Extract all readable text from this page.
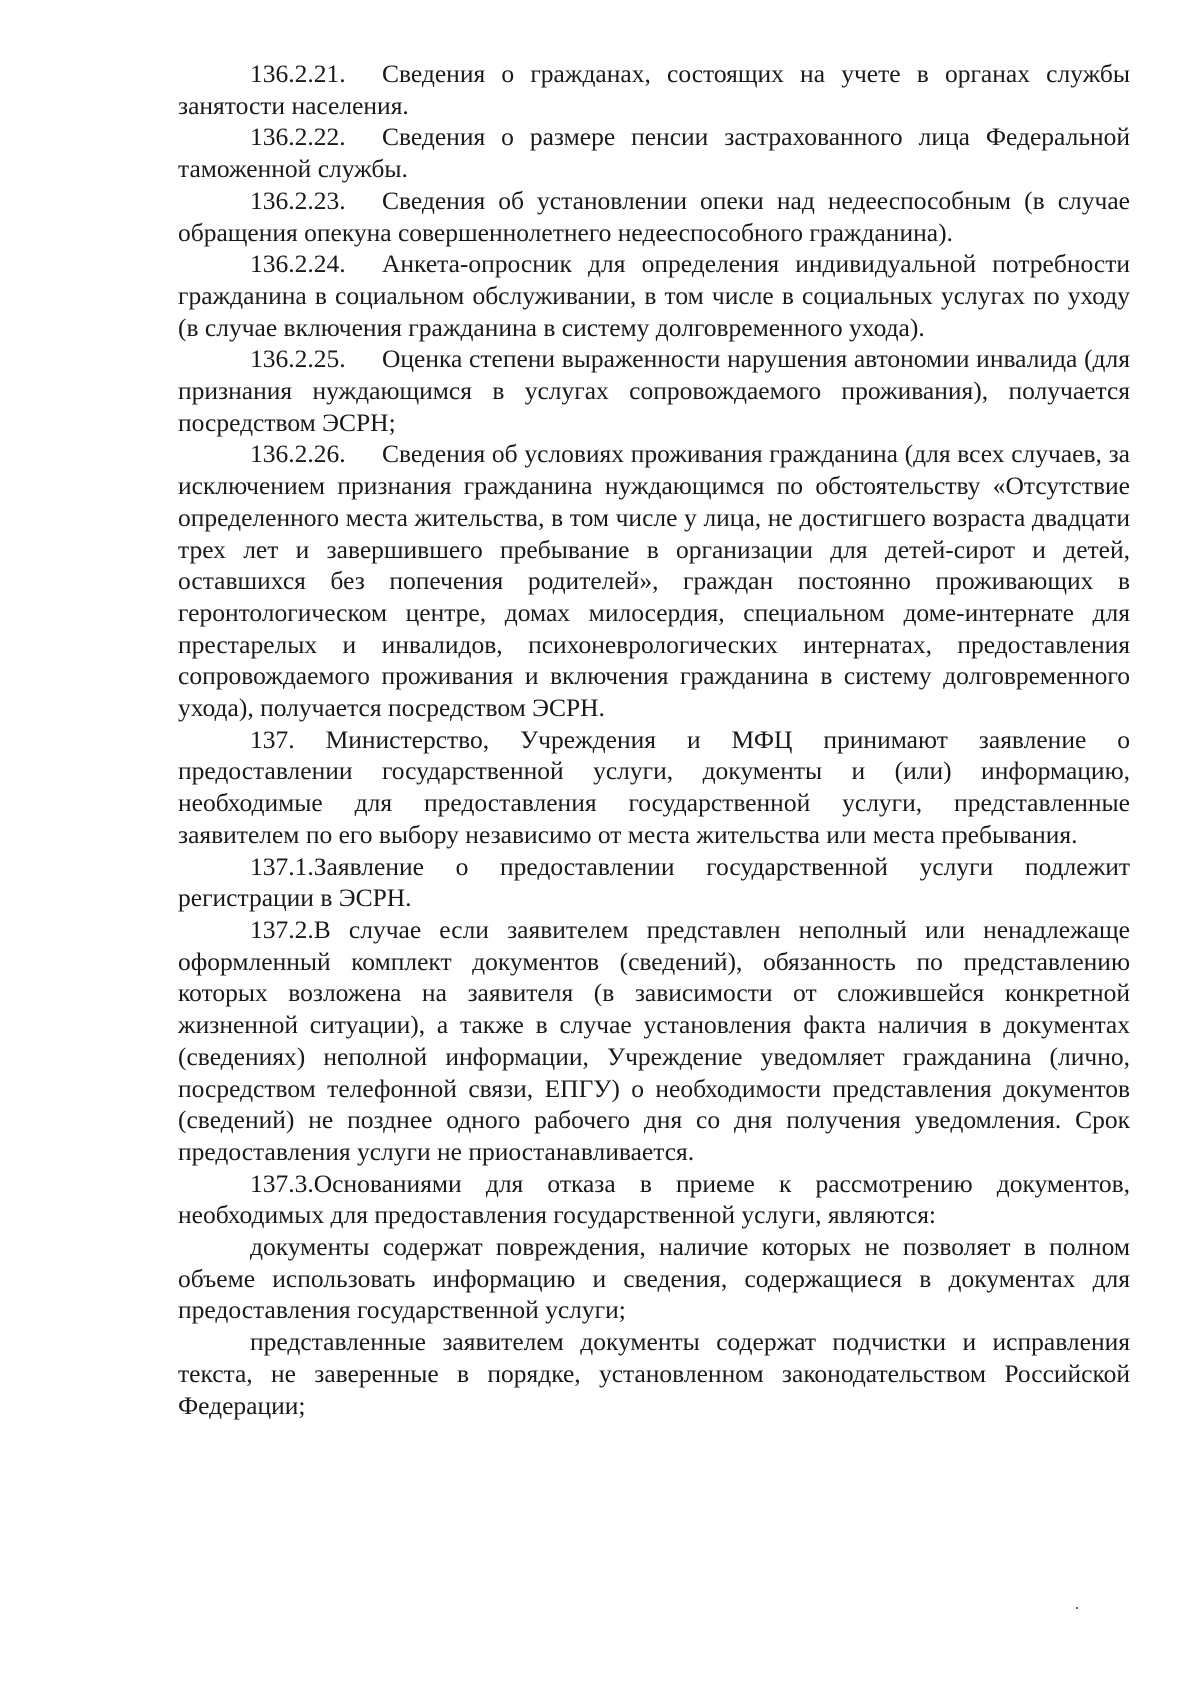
136.2.21. Сведения о гражданах, состоящих на учете в органах службы занятости населения.

136.2.22. Сведения о размере пенсии застрахованного лица Федеральной таможенной службы.

136.2.23. Сведения об установлении опеки над недееспособным (в случае обращения опекуна совершеннолетнего недееспособного гражданина).

136.2.24. Анкета-опросник для определения индивидуальной потребности гражданина в социальном обслуживании, в том числе в социальных услугах по уходу (в случае включения гражданина в систему долговременного ухода).

136.2.25. Оценка степени выраженности нарушения автономии инвалида (для признания нуждающимся в услугах сопровождаемого проживания), получается посредством ЭСРН;

136.2.26. Сведения об условиях проживания гражданина (для всех случаев, за исключением признания гражданина нуждающимся по обстоятельству «Отсутствие определенного места жительства, в том числе у лица, не достигшего возраста двадцати трех лет и завершившего пребывание в организации для детей-сирот и детей, оставшихся без попечения родителей», граждан постоянно проживающих в геронтологическом центре, домах милосердия, специальном доме-интернате для престарелых и инвалидов, психоневрологических интернатах, предоставления сопровождаемого проживания и включения гражданина в систему долговременного ухода), получается посредством ЭСРН.

137. Министерство, Учреждения и МФЦ принимают заявление о предоставлении государственной услуги, документы и (или) информацию, необходимые для предоставления государственной услуги, представленные заявителем по его выбору независимо от места жительства или места пребывания.

137.1.Заявление о предоставлении государственной услуги подлежит регистрации в ЭСРН.

137.2.В случае если заявителем представлен неполный или ненадлежаще оформленный комплект документов (сведений), обязанность по представлению которых возложена на заявителя (в зависимости от сложившейся конкретной жизненной ситуации), а также в случае установления факта наличия в документах (сведениях) неполной информации, Учреждение уведомляет гражданина (лично, посредством телефонной связи, ЕПГУ) о необходимости представления документов (сведений) не позднее одного рабочего дня со дня получения уведомления. Срок предоставления услуги не приостанавливается.

137.3.Основаниями для отказа в приеме к рассмотрению документов, необходимых для предоставления государственной услуги, являются:

документы содержат повреждения, наличие которых не позволяет в полном объеме использовать информацию и сведения, содержащиеся в документах для предоставления государственной услуги;

представленные заявителем документы содержат подчистки и исправления текста, не заверенные в порядке, установленном законодательством Российской Федерации;
